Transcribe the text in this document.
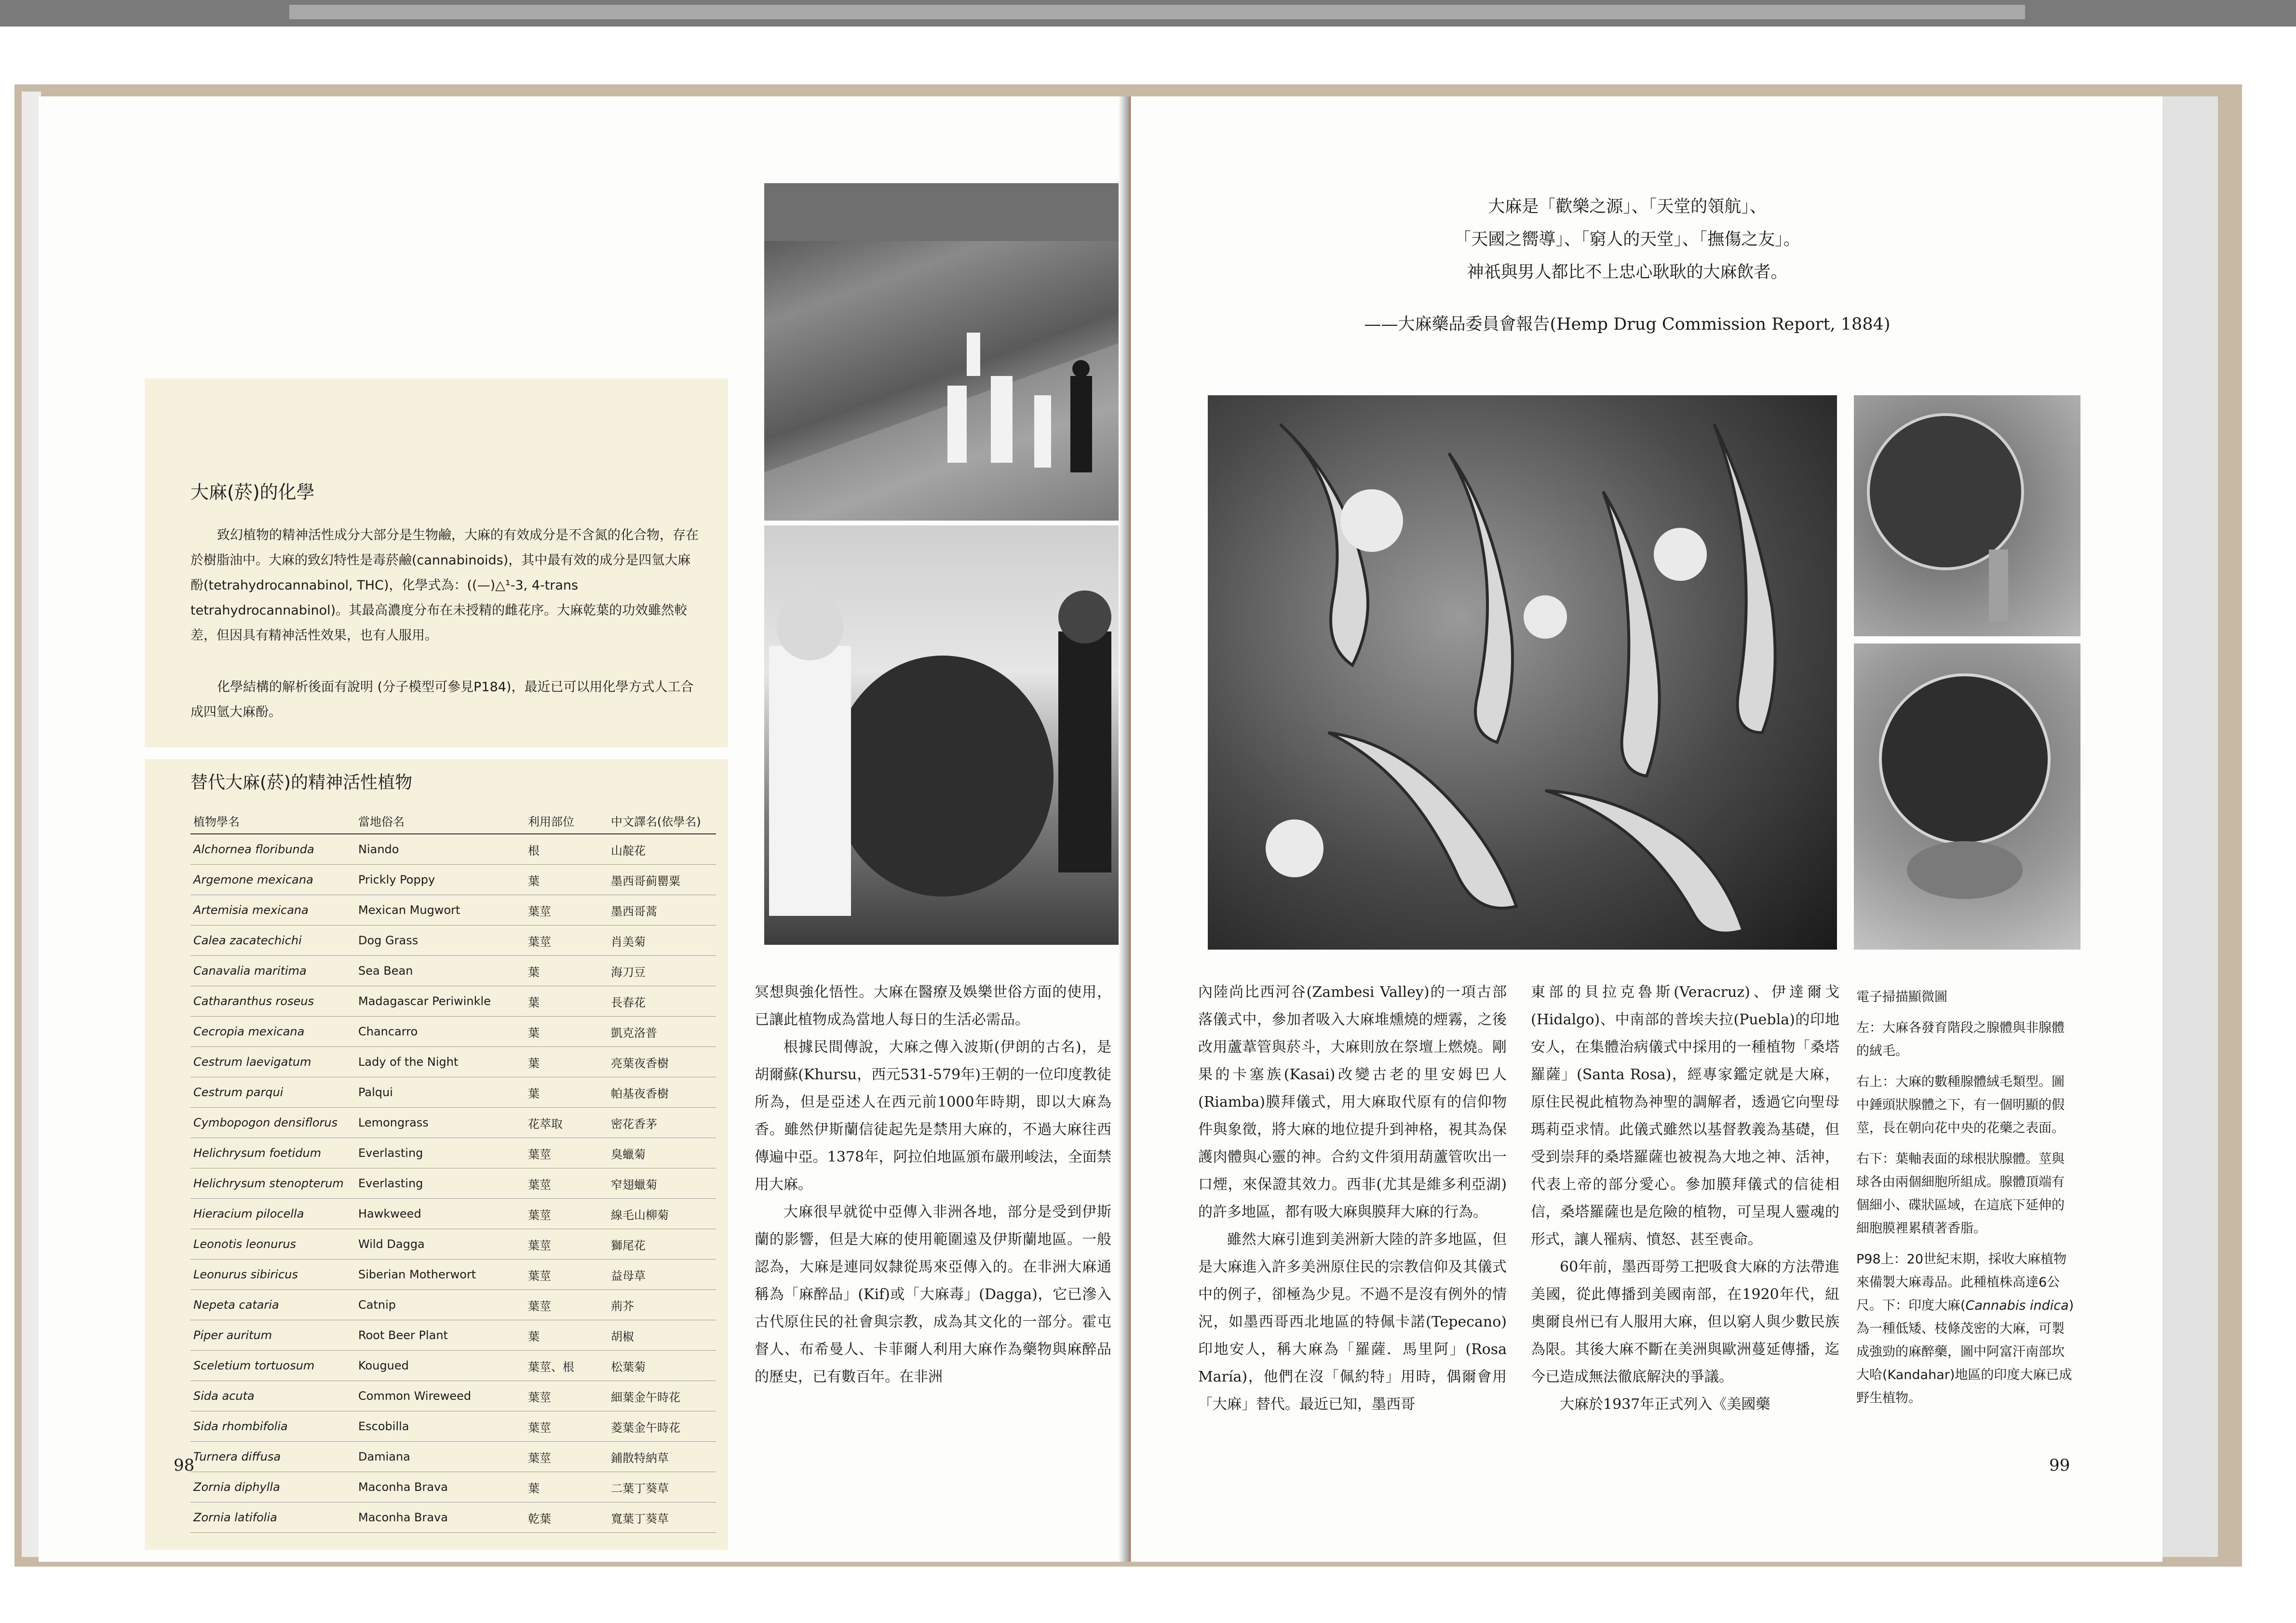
大麻(菸)的化學
致幻植物的精神活性成分大部分是生物鹼，大麻的有效成分是不含氮的化合物，存在於樹脂油中。大麻的致幻特性是毒菸鹼(cannabinoids)，其中最有效的成分是四氫大麻酚(tetrahydrocannabinol, THC)，化學式為：((—)△¹-3, 4-trans tetrahydrocannabinol)。其最高濃度分布在未授精的雌花序。大麻乾葉的功效雖然較差，但因具有精神活性效果，也有人服用。
化學結構的解析後面有說明 (分子模型可參見P184)，最近已可以用化學方式人工合成四氫大麻酚。
替代大麻(菸)的精神活性植物
植物學名	當地俗名	利用部位	中文譯名(依學名)
Alchornea floribunda	Niando	根	山靛花
Argemone mexicana	Prickly Poppy	葉	墨西哥蓟罌粟
Artemisia mexicana	Mexican Mugwort	葉莖	墨西哥蒿
Calea zacatechichi	Dog Grass	葉莖	肖美菊
Canavalia maritima	Sea Bean	葉	海刀豆
Catharanthus roseus	Madagascar Periwinkle	葉	長春花
Cecropia mexicana	Chancarro	葉	凱克洛普
Cestrum laevigatum	Lady of the Night	葉	亮葉夜香樹
Cestrum parqui	Palqui	葉	帕基夜香樹
Cymbopogon densiflorus	Lemongrass	花萃取	密花香茅
Helichrysum foetidum	Everlasting	葉莖	臭蠟菊
Helichrysum stenopterum	Everlasting	葉莖	窄翅蠟菊
Hieracium pilocella	Hawkweed	葉莖	線毛山柳菊
Leonotis leonurus	Wild Dagga	葉莖	獅尾花
Leonurus sibiricus	Siberian Motherwort	葉莖	益母草
Nepeta cataria	Catnip	葉莖	荊芥
Piper auritum	Root Beer Plant	葉	胡椒
Sceletium tortuosum	Kougued	葉莖、根	松葉菊
Sida acuta	Common Wireweed	葉莖	細葉金午時花
Sida rhombifolia	Escobilla	葉莖	菱葉金午時花
Turnera diffusa	Damiana	葉莖	鋪散特納草
Zornia diphylla	Maconha Brava	葉	二葉丁葵草
Zornia latifolia	Maconha Brava	乾葉	寬葉丁葵草

冥想與強化悟性。大麻在醫療及娛樂世俗方面的使用，已讓此植物成為當地人每日的生活必需品。

根據民間傳說，大麻之傳入波斯(伊朗的古名)，是胡爾蘇(Khursu，西元531-579年)王朝的一位印度教徒所為，但是亞述人在西元前1000年時期，即以大麻為香。雖然伊斯蘭信徒起先是禁用大麻的，不過大麻往西傳遍中亞。1378年，阿拉伯地區頒布嚴刑峻法，全面禁用大麻。

大麻很早就從中亞傳入非洲各地，部分是受到伊斯蘭的影響，但是大麻的使用範圍遠及伊斯蘭地區。一般認為，大麻是連同奴隸從馬來亞傳入的。在非洲大麻通稱為「麻醉品」(Kif)或「大麻毒」(Dagga)，它已滲入古代原住民的社會與宗教，成為其文化的一部分。霍屯督人、布希曼人、卡菲爾人利用大麻作為藥物與麻醉品的歷史，已有數百年。在非洲

98
大麻是「歡樂之源」、「天堂的領航」、
「天國之嚮導」、「窮人的天堂」、「撫傷之友」。
神祇與男人都比不上忠心耿耿的大麻飲者。
——大麻藥品委員會報告(Hemp Drug Commission Report, 1884)

內陸尚比西河谷(Zambesi Valley)的一項古部落儀式中，參加者吸入大麻堆燻燒的煙霧，之後改用蘆葦管與菸斗，大麻則放在祭壇上燃燒。剛果的卡塞族(Kasai)改變古老的里安姆巴人(Riamba)膜拜儀式，用大麻取代原有的信仰物件與象徵，將大麻的地位提升到神格，視其為保護肉體與心靈的神。合約文件須用葫蘆管吹出一口煙，來保證其效力。西非(尤其是維多利亞湖)的許多地區，都有吸大麻與膜拜大麻的行為。

雖然大麻引進到美洲新大陸的許多地區，但是大麻進入許多美洲原住民的宗教信仰及其儀式中的例子，卻極為少見。不過不是沒有例外的情況，如墨西哥西北地區的特佩卡諾(Tepecano)印地安人，稱大麻為「羅薩．馬里阿」(Rosa María)，他們在沒「佩約特」用時，偶爾會用「大麻」替代。最近已知，墨西哥

東部的貝拉克魯斯(Veracruz)、伊達爾戈(Hidalgo)、中南部的普埃夫拉(Puebla)的印地安人，在集體治病儀式中採用的一種植物「桑塔羅薩」(Santa Rosa)，經專家鑑定就是大麻，原住民視此植物為神聖的調解者，透過它向聖母瑪莉亞求情。此儀式雖然以基督教義為基礎，但受到崇拜的桑塔羅薩也被視為大地之神、活神，代表上帝的部分愛心。參加膜拜儀式的信徒相信，桑塔羅薩也是危險的植物，可呈現人靈魂的形式，讓人罹病、憤怒、甚至喪命。

60年前，墨西哥勞工把吸食大麻的方法帶進美國，從此傳播到美國南部，在1920年代，紐奧爾良州已有人服用大麻，但以窮人與少數民族為限。其後大麻不斷在美洲與歐洲蔓延傳播，迄今已造成無法徹底解決的爭議。

大麻於1937年正式列入《美國藥

電子掃描顯微圖

左：大麻各發育階段之腺體與非腺體的絨毛。

右上：大麻的數種腺體絨毛類型。圖中錘頭狀腺體之下，有一個明顯的假莖，長在朝向花中央的花藥之表面。

右下：葉軸表面的球根狀腺體。莖與球各由兩個細胞所組成。腺體頂端有個細小、碟狀區域，在這底下延伸的細胞膜裡累積著香脂。

P98上：20世紀末期，採收大麻植物來備製大麻毒品。此種植株高達6公尺。下：印度大麻(Cannabis indica)為一種低矮、枝條茂密的大麻，可製成強勁的麻醉藥，圖中阿富汗南部坎大哈(Kandahar)地區的印度大麻已成野生植物。

99
